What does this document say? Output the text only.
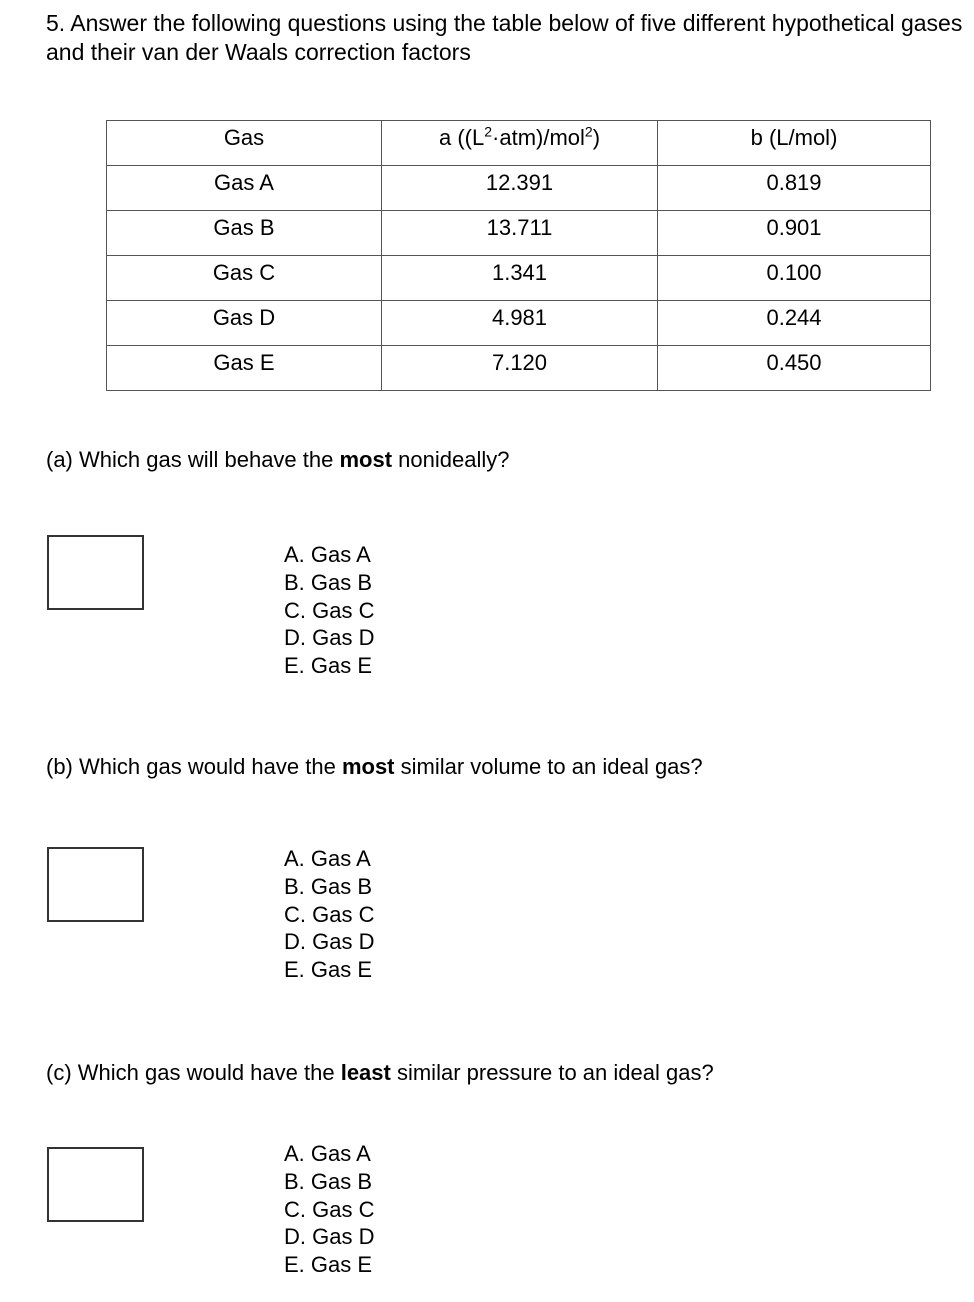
5. Answer the following questions using the table below of five different hypothetical gases and their van der Waals correction factors
Gas	a $((L^2\cdot atm)/mol^2)$	b (L/mol)
Gas A	12.391	0.819
Gas B	13.711	0.901
Gas C	1.341	0.100
Gas D	4.981	0.244
Gas E	7.120	0.450
(a) Which gas will behave the most nonideally?
A. Gas A
B. Gas B
C. Gas C
D. Gas D
E. Gas E
(b) Which gas would have the most similar volume to an ideal gas?
A. Gas A
B. Gas B
C. Gas C
D. Gas D
E. Gas E
(c) Which gas would have the least similar pressure to an ideal gas?
A. Gas A
B. Gas B
C. Gas C
D. Gas D
E. Gas E
